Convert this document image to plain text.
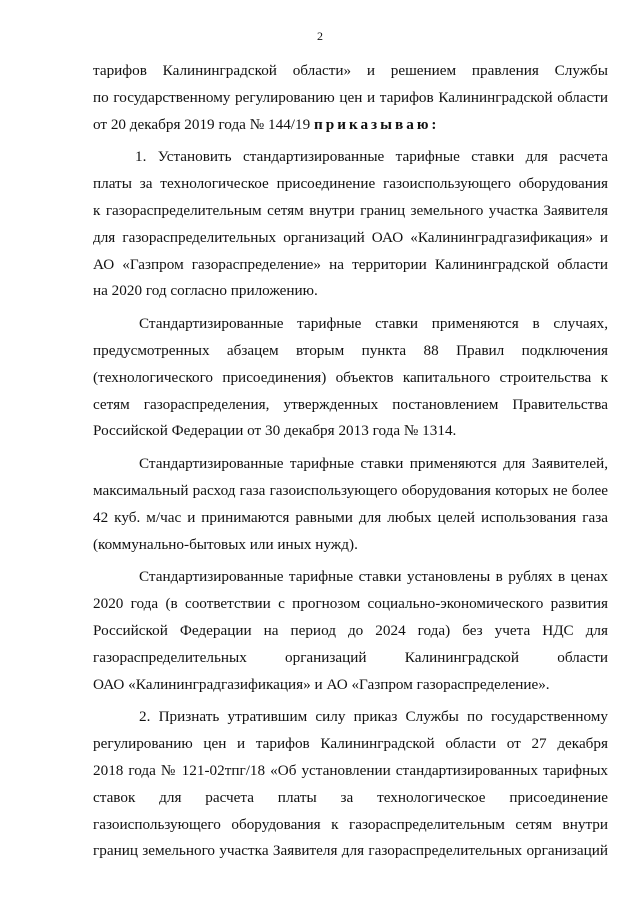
2
тарифов Калининградской области» и решением правления Службы
по государственному регулированию цен и тарифов Калининградской области
от 20 декабря 2019 года № 144/19 приказываю:
1. Установить стандартизированные тарифные ставки для расчета
платы за технологическое присоединение газоиспользующего оборудования
к газораспределительным сетям внутри границ земельного участка Заявителя
для газораспределительных организаций ОАО «Калининградгазификация» и
АО «Газпром газораспределение» на территории Калининградской области
на 2020 год согласно приложению.
Стандартизированные тарифные ставки применяются в случаях,
предусмотренных абзацем вторым пункта 88 Правил подключения
(технологического присоединения) объектов капитального строительства к
сетям газораспределения, утвержденных постановлением Правительства
Российской Федерации от 30 декабря 2013 года № 1314.
Стандартизированные тарифные ставки применяются для Заявителей,
максимальный расход газа газоиспользующего оборудования которых не более
42 куб. м/час и принимаются равными для любых целей использования газа
(коммунально-бытовых или иных нужд).
Стандартизированные тарифные ставки установлены в рублях в ценах
2020 года (в соответствии с прогнозом социально-экономического развития
Российской Федерации на период до 2024 года) без учета НДС для
газораспределительных организаций Калининградской области
ОАО «Калининградгазификация» и АО «Газпром газораспределение».
2. Признать утратившим силу приказ Службы по государственному
регулированию цен и тарифов Калининградской области от 27 декабря
2018 года № 121-02тпг/18 «Об установлении стандартизированных тарифных
ставок для расчета платы за технологическое присоединение
газоиспользующего оборудования к газораспределительным сетям внутри
границ земельного участка Заявителя для газораспределительных организаций
